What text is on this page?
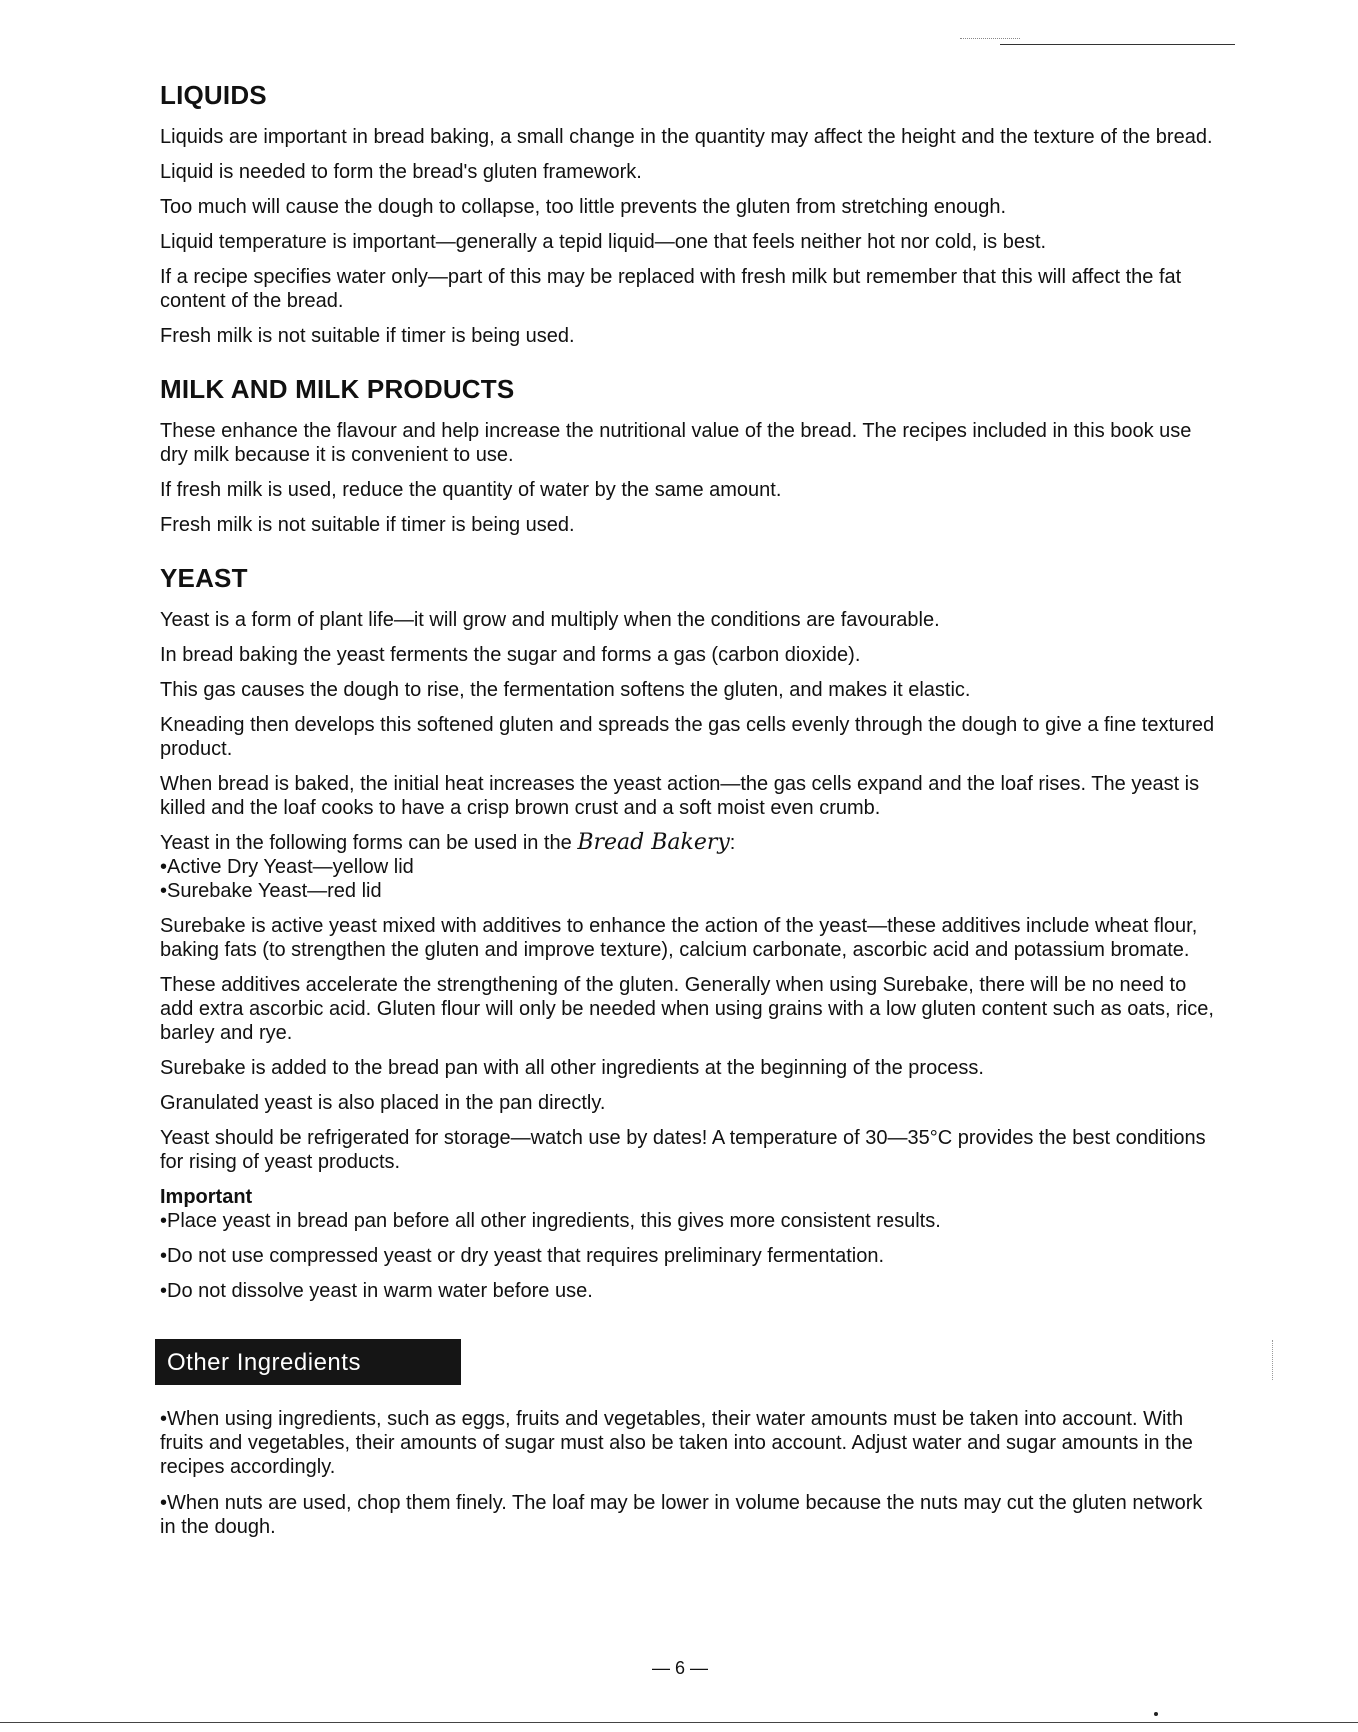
LIQUIDS

Liquids are important in bread baking, a small change in the quantity may affect the height and the texture of the bread.

Liquid is needed to form the bread's gluten framework.

Too much will cause the dough to collapse, too little prevents the gluten from stretching enough.

Liquid temperature is important—generally a tepid liquid—one that feels neither hot nor cold, is best.

If a recipe specifies water only—part of this may be replaced with fresh milk but remember that this will affect the fat content of the bread.

Fresh milk is not suitable if timer is being used.

MILK AND MILK PRODUCTS

These enhance the flavour and help increase the nutritional value of the bread. The recipes included in this book use dry milk because it is convenient to use.

If fresh milk is used, reduce the quantity of water by the same amount.

Fresh milk is not suitable if timer is being used.

YEAST

Yeast is a form of plant life—it will grow and multiply when the conditions are favourable.

In bread baking the yeast ferments the sugar and forms a gas (carbon dioxide).

This gas causes the dough to rise, the fermentation softens the gluten, and makes it elastic.

Kneading then develops this softened gluten and spreads the gas cells evenly through the dough to give a fine textured product.

When bread is baked, the initial heat increases the yeast action—the gas cells expand and the loaf rises. The yeast is killed and the loaf cooks to have a crisp brown crust and a soft moist even crumb.

Yeast in the following forms can be used in the Bread Bakery:

•Active Dry Yeast—yellow lid

•Surebake Yeast—red lid

Surebake is active yeast mixed with additives to enhance the action of the yeast—these additives include wheat flour, baking fats (to strengthen the gluten and improve texture), calcium carbonate, ascorbic acid and potassium bromate.

These additives accelerate the strengthening of the gluten. Generally when using Surebake, there will be no need to add extra ascorbic acid. Gluten flour will only be needed when using grains with a low gluten content such as oats, rice, barley and rye.

Surebake is added to the bread pan with all other ingredients at the beginning of the process.

Granulated yeast is also placed in the pan directly.

Yeast should be refrigerated for storage—watch use by dates! A temperature of 30—35°C provides the best conditions for rising of yeast products.

Important

•Place yeast in bread pan before all other ingredients, this gives more consistent results.

•Do not use compressed yeast or dry yeast that requires preliminary fermentation.

•Do not dissolve yeast in warm water before use.

Other Ingredients

•When using ingredients, such as eggs, fruits and vegetables, their water amounts must be taken into account. With fruits and vegetables, their amounts of sugar must also be taken into account. Adjust water and sugar amounts in the recipes accordingly.

•When nuts are used, chop them finely. The loaf may be lower in volume because the nuts may cut the gluten network in the dough.

— 6 —
